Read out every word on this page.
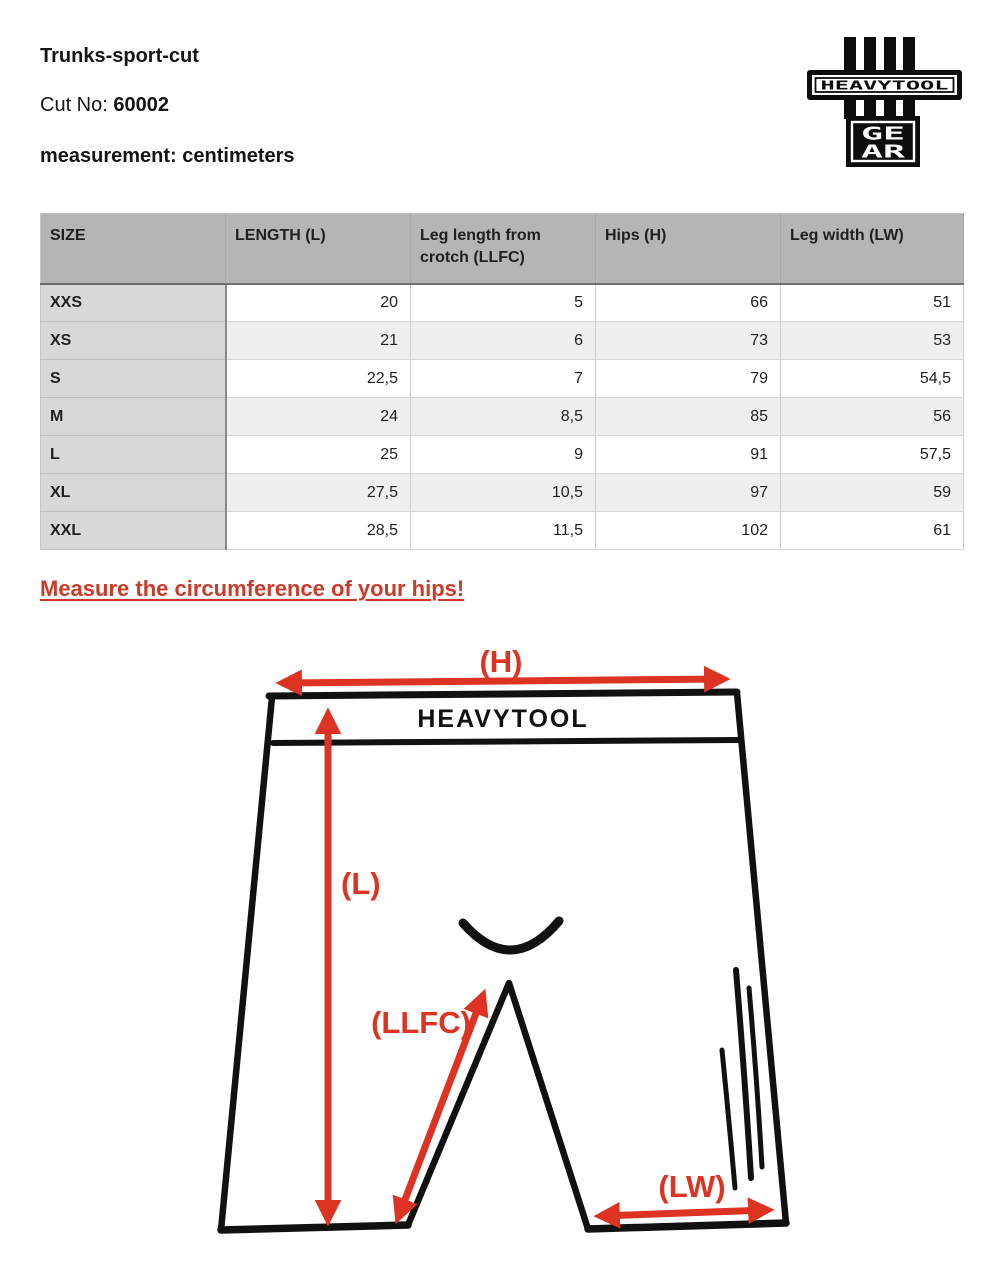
Trunks-sport-cut
Cut No: 60002
measurement: centimeters
HEAVYTOOL
GE
AR
SIZE	LENGTH (L)	Leg length from crotch (LLFC)	Hips (H)	Leg width (LW)
XXS	20	5	66	51
XS	21	6	73	53
S	22,5	7	79	54,5
M	24	8,5	85	56
L	25	9	91	57,5
XL	27,5	10,5	97	59
XXL	28,5	11,5	102	61
Measure the circumference of your hips!
HEAVYTOOL
(H)
(L)
(LLFC)
(LW)
